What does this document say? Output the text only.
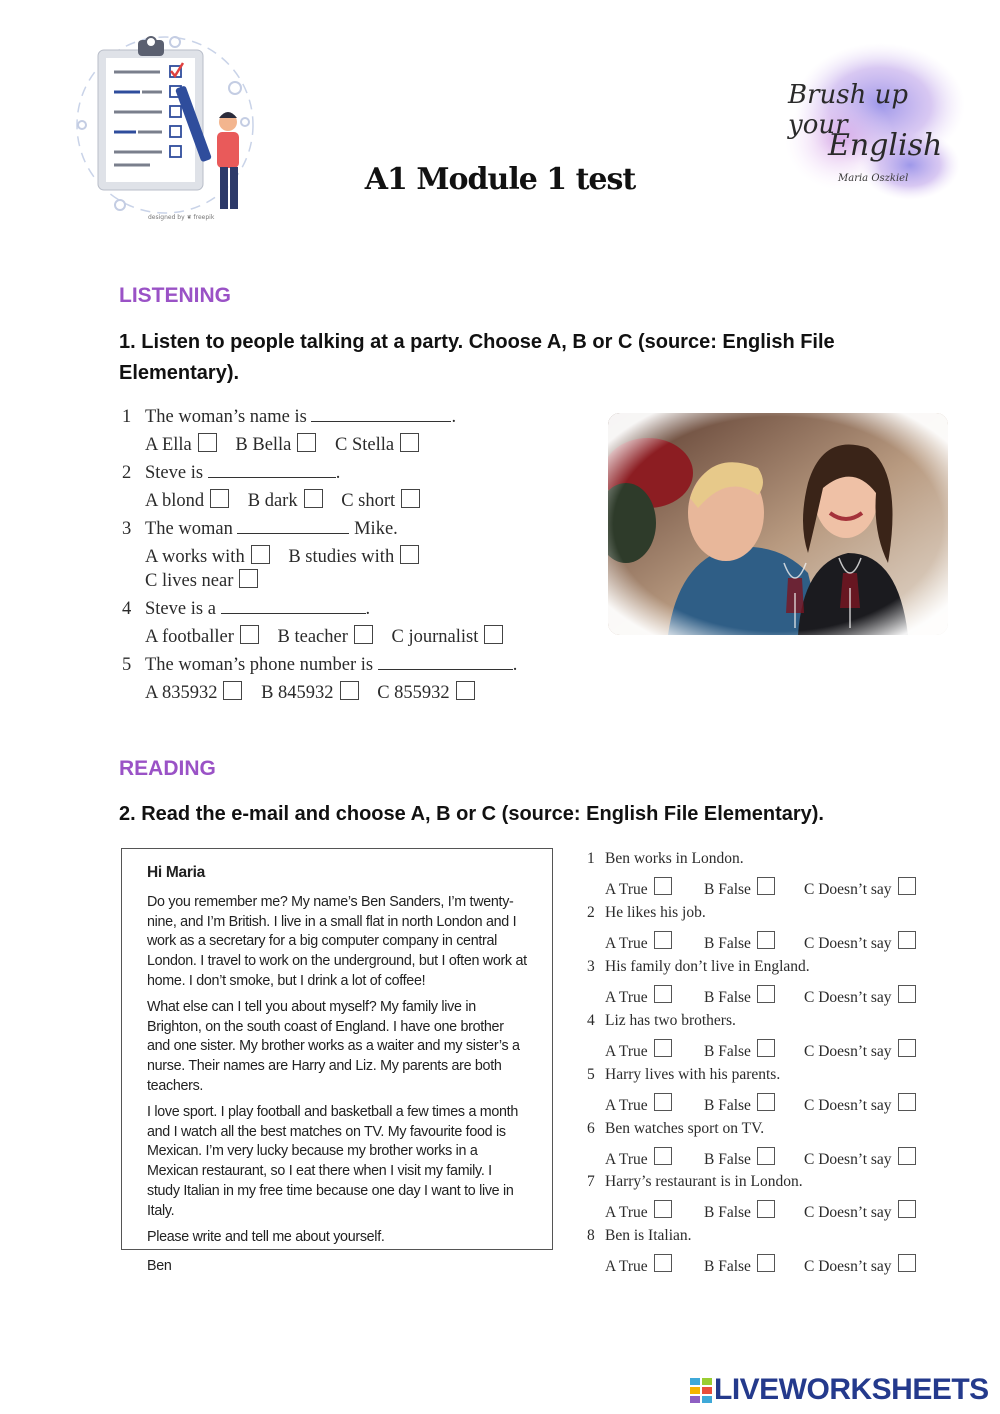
designed by ❦ freepik
A1 Module 1 test
Brush up your
English
Maria Oszkiel
LISTENING
1. Listen to people talking at a party. Choose A, B or C (source: English File
Elementary).
1 The woman’s name is	.
A Ella B Bella C Stella
2 Steve is	.
A blond B dark C short
3 The woman	Mike.
A works with B studies with
C lives near
4 Steve is a	.
A footballer B teacher C journalist
5 The woman’s phone number is	.
A 835932 B 845932 C 855932
READING
2. Read the e-mail and choose A, B or C (source: English File Elementary).

Hi Maria

Do you remember me? My name’s Ben Sanders, I’m twenty-nine, and I’m British. I live in a small flat in north London and I work as a secretary for a big computer company in central London. I travel to work on the underground, but I often work at home. I don’t smoke, but I drink a lot of coffee!

What else can I tell you about myself? My family live in Brighton, on the south coast of England. I have one brother and one sister. My brother works as a waiter and my sister’s a nurse. Their names are Harry and Liz. My parents are both teachers.

I love sport. I play football and basketball a few times a month and I watch all the best matches on TV. My favourite food is Mexican. I’m very lucky because my brother works in a Mexican restaurant, so I eat there when I visit my family. I study Italian in my free time because one day I want to live in Italy.

Please write and tell me about yourself.

Ben

1 Ben works in London.
A True	B False	C Doesn’t say
2 He likes his job.
A True	B False	C Doesn’t say
3 His family don’t live in England.
A True	B False	C Doesn’t say
4 Liz has two brothers.
A True	B False	C Doesn’t say
5 Harry lives with his parents.
A True	B False	C Doesn’t say
6 Ben watches sport on TV.
A True	B False	C Doesn’t say
7 Harry’s restaurant is in London.
A True	B False	C Doesn’t say
8 Ben is Italian.
A True	B False	C Doesn’t say
LIVEWORKSHEETS
